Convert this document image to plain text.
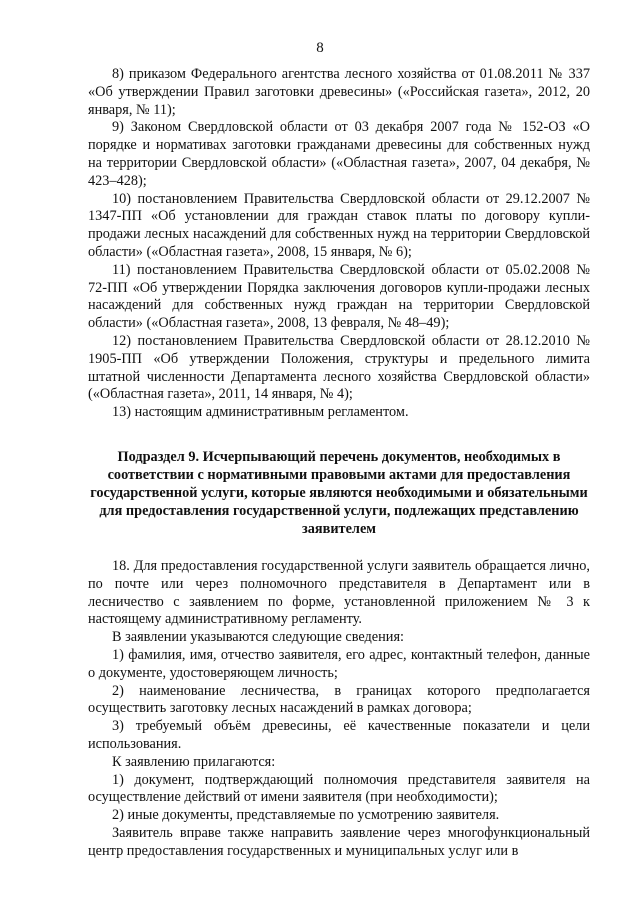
8

8) приказом Федерального агентства лесного хозяйства от 01.08.2011 № 337 «Об утверждении Правил заготовки древесины» («Российская газета», 2012, 20 января, № 11);

9) Законом Свердловской области от 03 декабря 2007 года № 152-ОЗ «О порядке и нормативах заготовки гражданами древесины для собственных нужд на территории Свердловской области» («Областная газета», 2007, 04 декабря, № 423–428);

10) постановлением Правительства Свердловской области от 29.12.2007 № 1347-ПП «Об установлении для граждан ставок платы по договору купли-продажи лесных насаждений для собственных нужд на территории Свердловской области» («Областная газета», 2008, 15 января, № 6);

11) постановлением Правительства Свердловской области от 05.02.2008 № 72-ПП «Об утверждении Порядка заключения договоров купли-продажи лесных насаждений для собственных нужд граждан на территории Свердловской области» («Областная газета», 2008, 13 февраля, № 48–49);

12) постановлением Правительства Свердловской области от 28.12.2010 № 1905-ПП «Об утверждении Положения, структуры и предельного лимита штатной численности Департамента лесного хозяйства Свердловской области» («Областная газета», 2011, 14 января, № 4);

13) настоящим административным регламентом.

Подраздел 9. Исчерпывающий перечень документов, необходимых в соответствии с нормативными правовыми актами для предоставления государственной услуги, которые являются необходимыми и обязательными для предоставления государственной услуги, подлежащих представлению заявителем

18. Для предоставления государственной услуги заявитель обращается лично, по почте или через полномочного представителя в Департамент или в лесничество с заявлением по форме, установленной приложением № 3 к настоящему административному регламенту.

В заявлении указываются следующие сведения:

1) фамилия, имя, отчество заявителя, его адрес, контактный телефон, данные о документе, удостоверяющем личность;

2) наименование лесничества, в границах которого предполагается осуществить заготовку лесных насаждений в рамках договора;

3) требуемый объём древесины, её качественные показатели и цели использования.

К заявлению прилагаются:

1) документ, подтверждающий полномочия представителя заявителя на осуществление действий от имени заявителя (при необходимости);

2) иные документы, представляемые по усмотрению заявителя.

Заявитель вправе также направить заявление через многофункциональный центр предоставления государственных и муниципальных услуг или в
